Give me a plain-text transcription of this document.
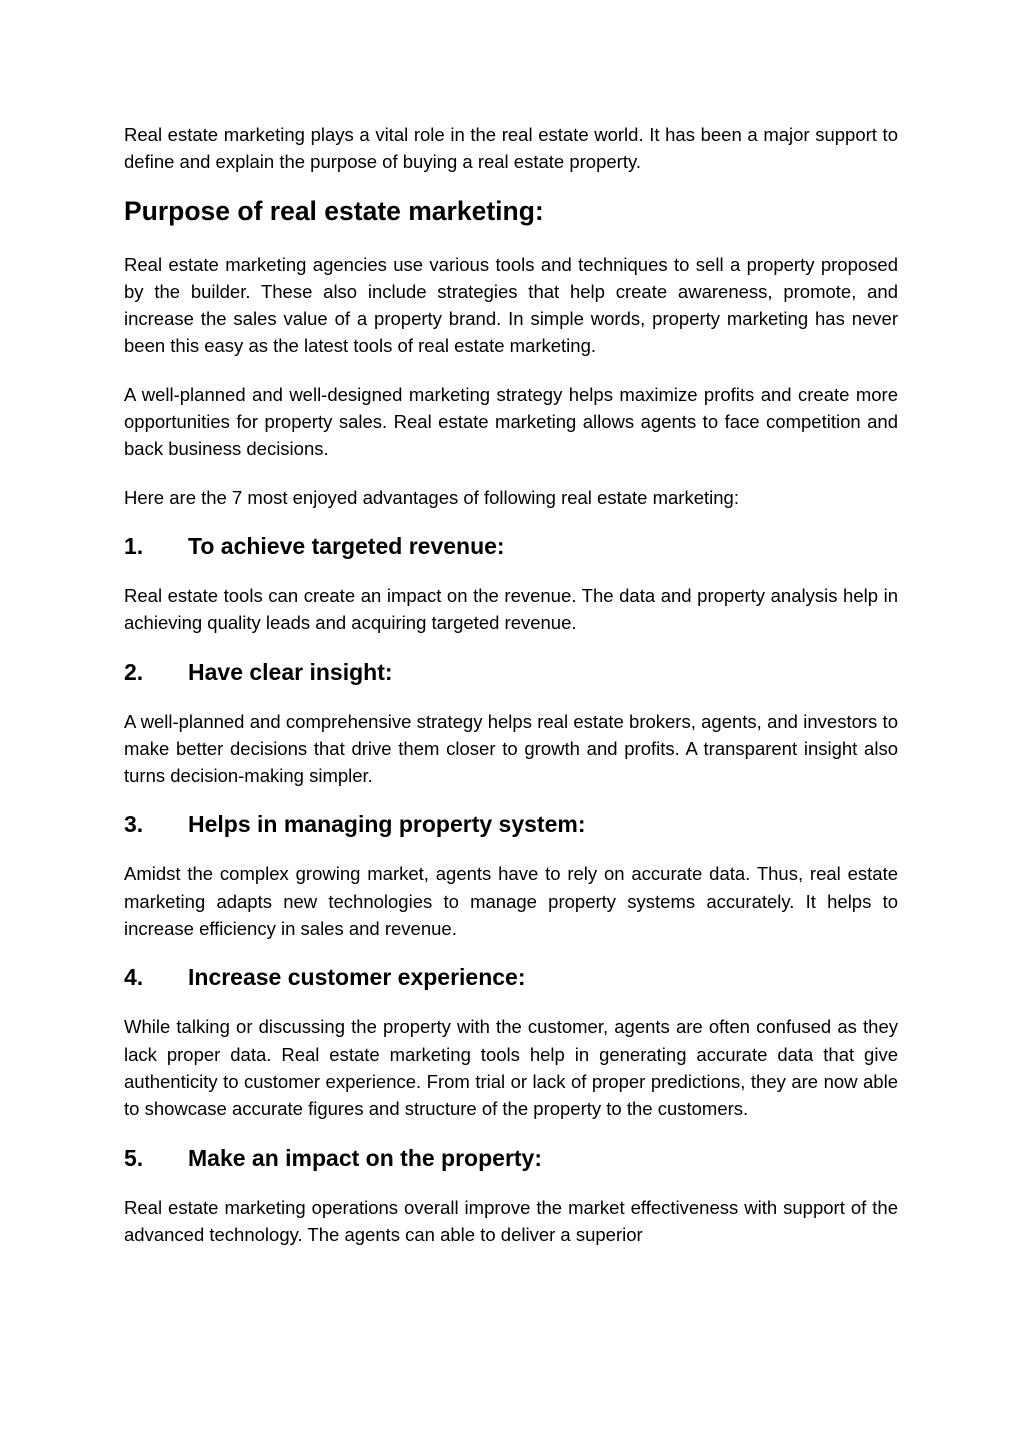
Real estate marketing plays a vital role in the real estate world. It has been a major support to define and explain the purpose of buying a real estate property.

Purpose of real estate marketing:

Real estate marketing agencies use various tools and techniques to sell a property proposed by the builder. These also include strategies that help create awareness, promote, and increase the sales value of a property brand. In simple words, property marketing has never been this easy as the latest tools of real estate marketing.

A well-planned and well-designed marketing strategy helps maximize profits and create more opportunities for property sales. Real estate marketing allows agents to face competition and back business decisions.

Here are the 7 most enjoyed advantages of following real estate marketing:

1.	To achieve targeted revenue:

Real estate tools can create an impact on the revenue. The data and property analysis help in achieving quality leads and acquiring targeted revenue.

2.	Have clear insight:

A well-planned and comprehensive strategy helps real estate brokers, agents, and investors to make better decisions that drive them closer to growth and profits. A transparent insight also turns decision-making simpler.

3.	Helps in managing property system:

Amidst the complex growing market, agents have to rely on accurate data. Thus, real estate marketing adapts new technologies to manage property systems accurately. It helps to increase efficiency in sales and revenue.

4.	Increase customer experience:

While talking or discussing the property with the customer, agents are often confused as they lack proper data. Real estate marketing tools help in generating accurate data that give authenticity to customer experience. From trial or lack of proper predictions, they are now able to showcase accurate figures and structure of the property to the customers.

5.	Make an impact on the property:

Real estate marketing operations overall improve the market effectiveness with support of the advanced technology. The agents can able to deliver a superior
